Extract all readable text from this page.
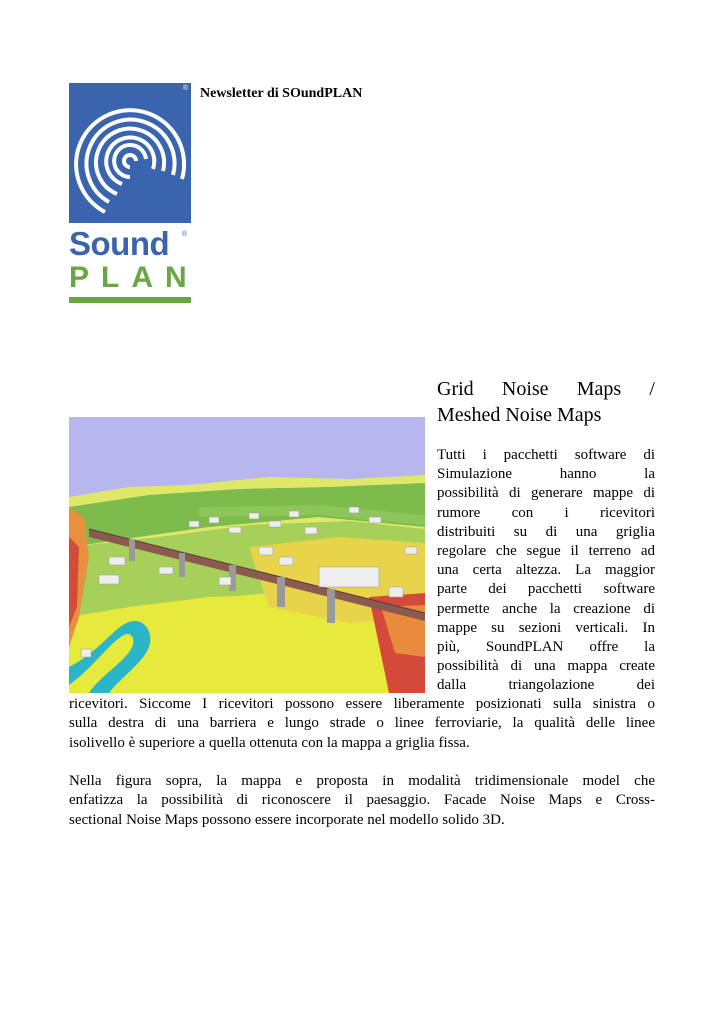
®
Sound ®
PLAN
Newsletter di SOundPLAN
Grid Noise Maps /
Meshed Noise Maps
Tutti i pacchetti software di
Simulazione hanno la
possibilità di generare mappe di
rumore con i ricevitori
distribuiti su di una griglia
regolare che segue il terreno ad
una certa altezza. La maggior
parte dei pacchetti software
permette anche la creazione di
mappe su sezioni verticali. In
più, SoundPLAN offre la
possibilità di una mappa create
dalla triangolazione dei
ricevitori. Siccome I ricevitori possono essere liberamente posizionati sulla sinistra o
sulla destra di una barriera e lungo strade o linee ferroviarie, la qualità delle linee
isolivello è superiore a quella ottenuta con la mappa a griglia fissa.
Nella figura sopra, la mappa e proposta in modalità tridimensionale model che
enfatizza la possibilità di riconoscere il paesaggio. Facade Noise Maps e Cross-
sectional Noise Maps possono essere incorporate nel modello solido 3D.
